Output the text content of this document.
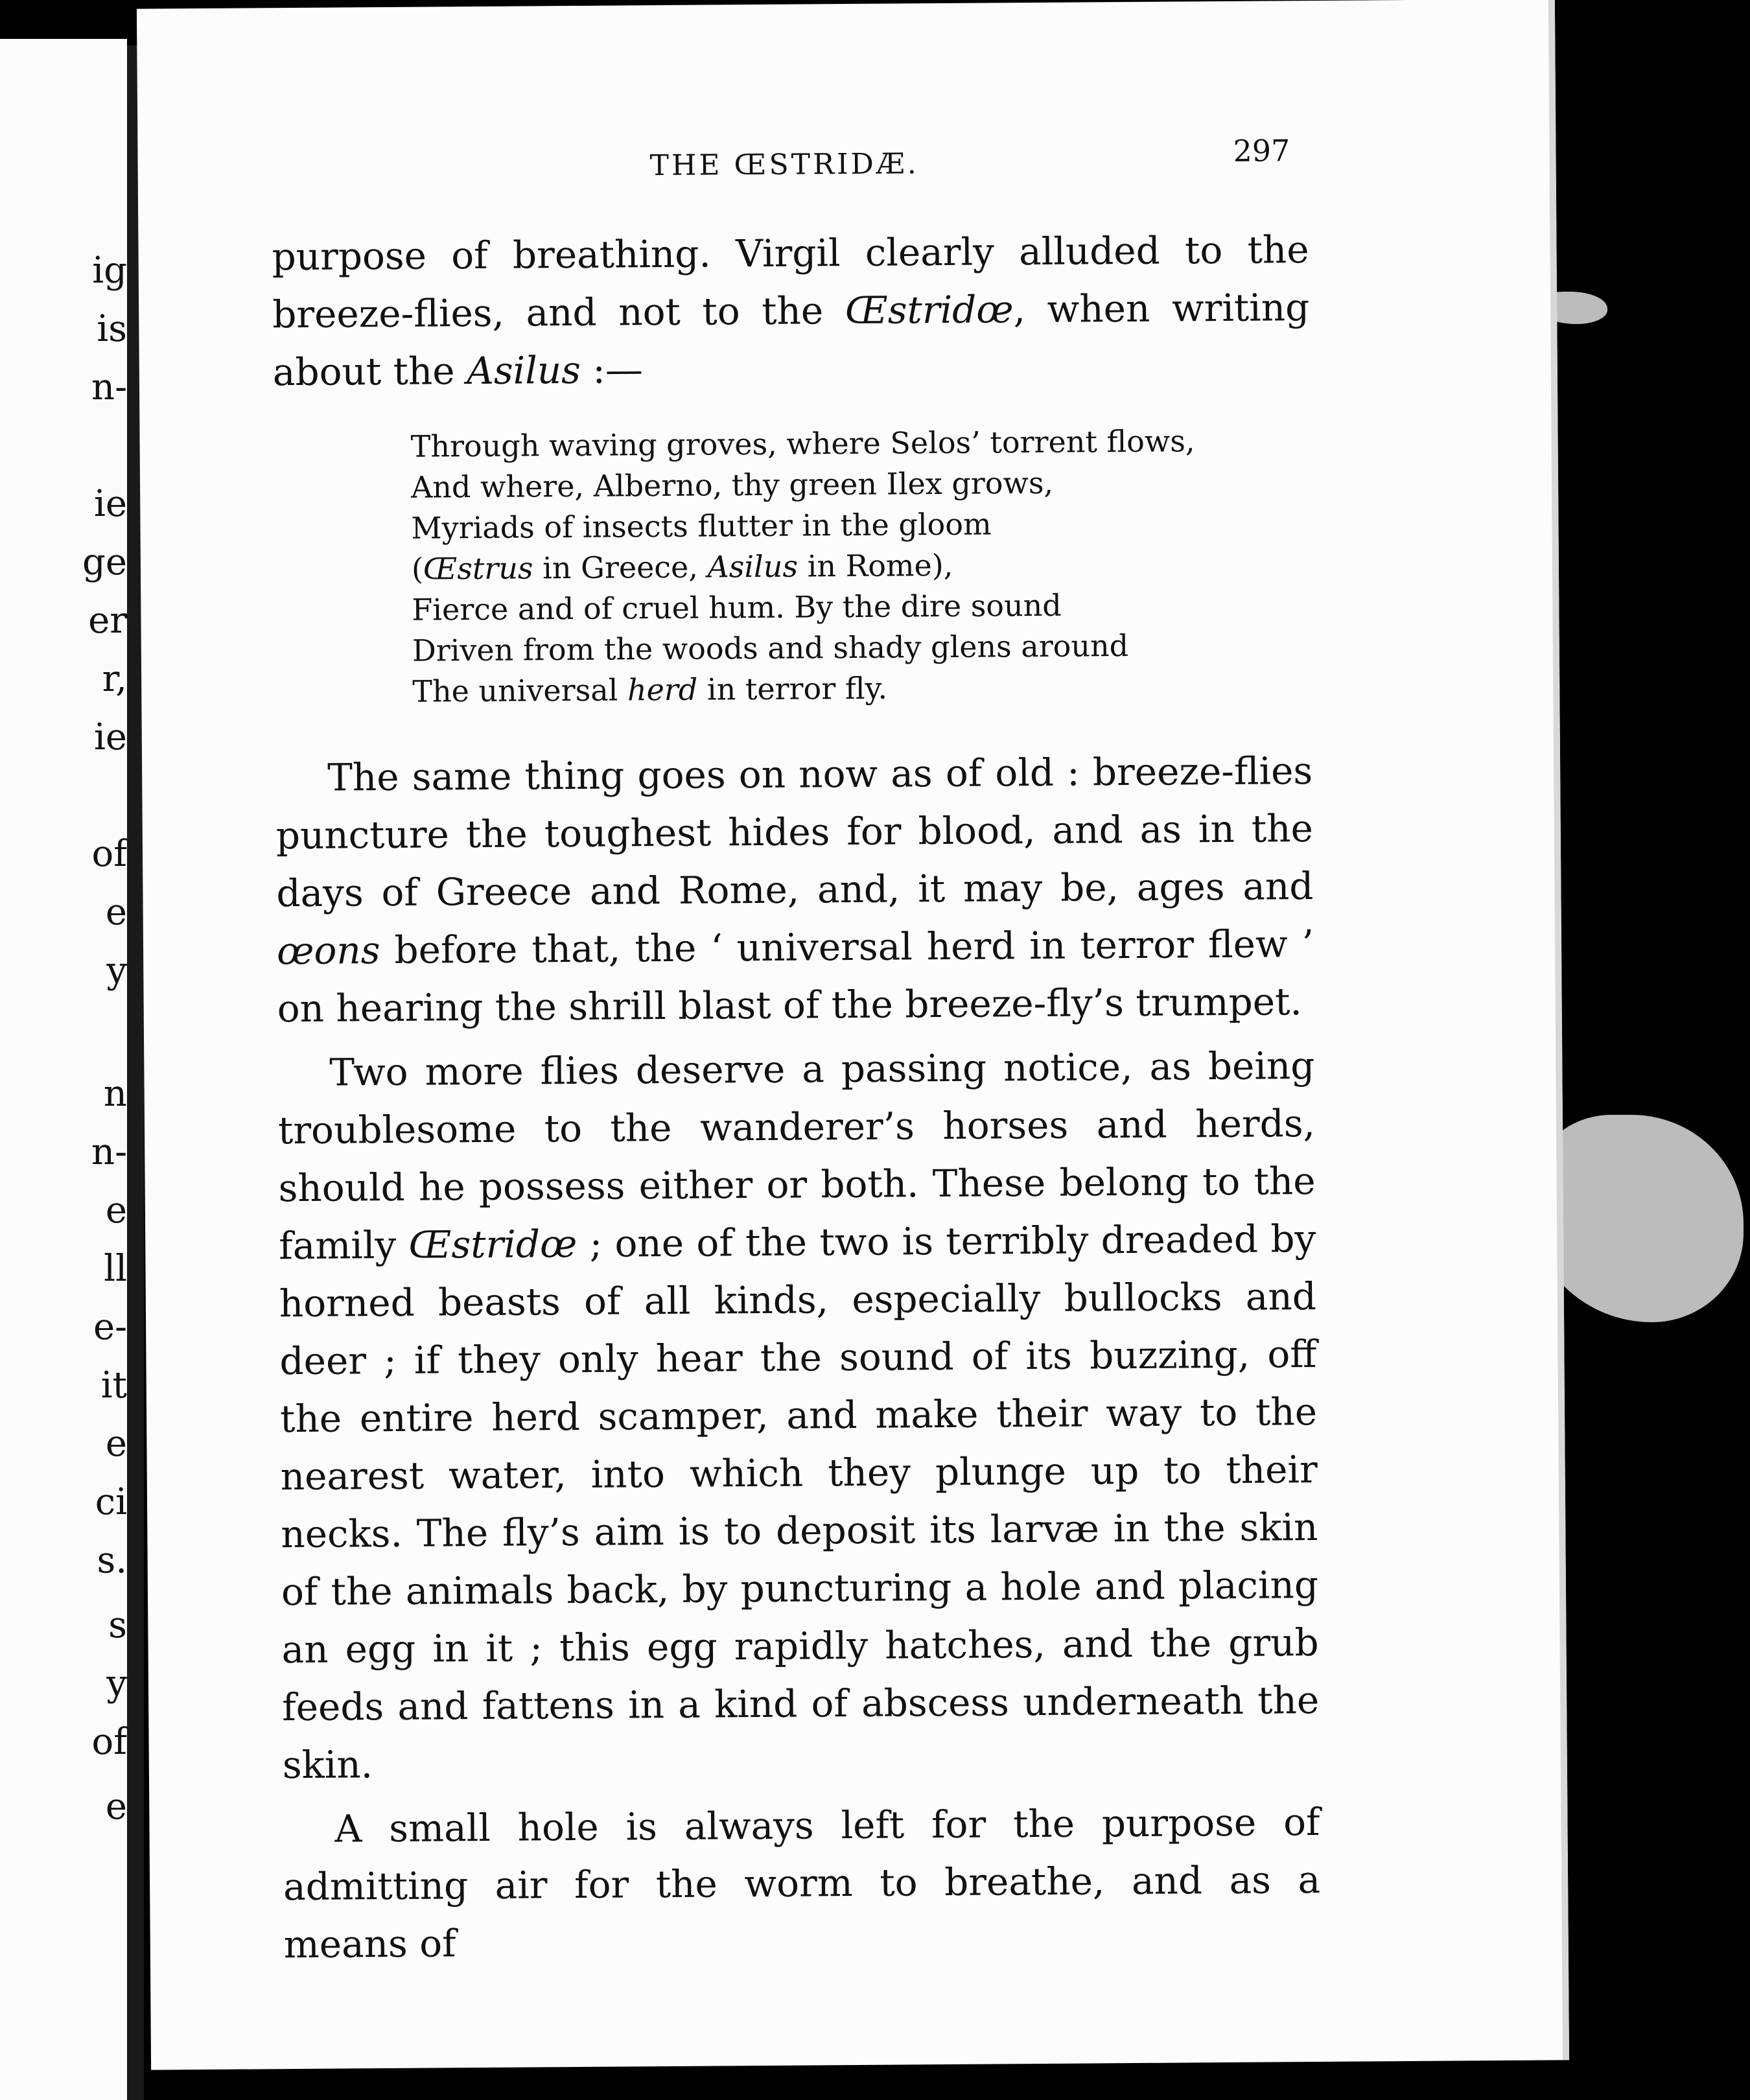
ig
is
n-
ie
ge
er
r,
ie
of
e
y
n
n-
e
ll
e-
it
e
ci
s.
s
y
of
e
THE ŒSTRIDÆ.	297

purpose of breathing. Virgil clearly alluded to the breeze-flies, and not to the Œstridœ, when writing about the Asilus :—

Through waving groves, where Selos’ torrent flows,
And where, Alberno, thy green Ilex grows,
Myriads of insects flutter in the gloom
(Œstrus in Greece, Asilus in Rome),
Fierce and of cruel hum. By the dire sound
Driven from the woods and shady glens around
The universal herd in terror fly.

The same thing goes on now as of old : breeze-flies puncture the toughest hides for blood, and as in the days of Greece and Rome, and, it may be, ages and œons before that, the ‘ universal herd in terror flew ’ on hearing the shrill blast of the breeze-fly’s trumpet.

Two more flies deserve a passing notice, as being troublesome to the wanderer’s horses and herds, should he possess either or both. These belong to the family Œstridœ ; one of the two is terribly dreaded by horned beasts of all kinds, especially bullocks and deer ; if they only hear the sound of its buzzing, off the entire herd scamper, and make their way to the nearest water, into which they plunge up to their necks. The fly’s aim is to deposit its larvæ in the skin of the animals back, by puncturing a hole and placing an egg in it ; this egg rapidly hatches, and the grub feeds and fattens in a kind of abscess underneath the skin.

A small hole is always left for the purpose of admitting air for the worm to breathe, and as a means of
